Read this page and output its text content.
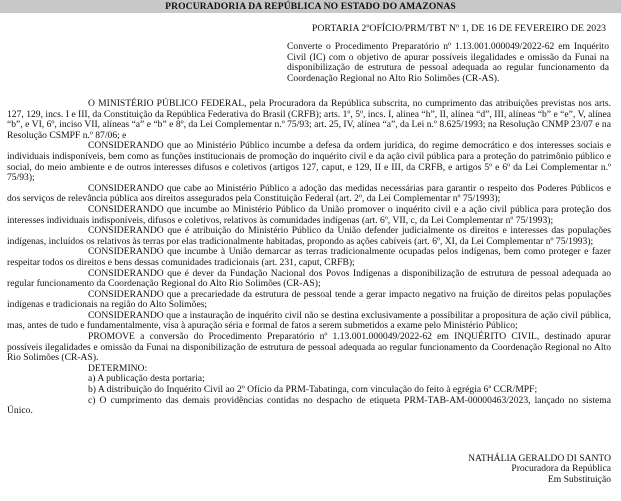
PROCURADORIA DA REPÚBLICA NO ESTADO DO AMAZONAS
PORTARIA 2ºOFÍCIO/PRM/TBT Nº 1, DE 16 DE FEVEREIRO DE 2023
Converte o Procedimento Preparatório nº 1.13.001.000049/2022-62 em Inquérito Civil (IC) com o objetivo de apurar possíveis ilegalidades e omissão da Funai na disponibilização de estrutura de pessoal adequada ao regular funcionamento da Coordenação Regional no Alto Rio Solimões (CR-AS).

O MINISTÉRIO PÚBLICO FEDERAL, pela Procuradora da República subscrita, no cumprimento das atribuições previstas nos arts. 127, 129, incs. I e III, da Constituição da República Federativa do Brasil (CRFB); arts. 1º, 5º, incs. I, alínea “h”, II, alínea “d”, III, alíneas “b” e “e”, V, alínea “b”, e VI, 6º, inciso VII, alíneas “a” e “b” e 8º, da Lei Complementar n.º 75/93; art. 25, IV, alínea “a”, da Lei n.º 8.625/1993; na Resolução CNMP 23/07 e na Resolução CSMPF n.º 87/06; e

CONSIDERANDO que ao Ministério Público incumbe a defesa da ordem jurídica, do regime democrático e dos interesses sociais e individuais indisponíveis, bem como as funções institucionais de promoção do inquérito civil e da ação civil pública para a proteção do patrimônio público e social, do meio ambiente e de outros interesses difusos e coletivos (artigos 127, caput, e 129, II e III, da CRFB, e artigos 5º e 6º da Lei Complementar n.º 75/93);

CONSIDERANDO que cabe ao Ministério Público a adoção das medidas necessárias para garantir o respeito dos Poderes Públicos e dos serviços de relevância pública aos direitos assegurados pela Constituição Federal (art. 2º, da Lei Complementar nº 75/1993);

CONSIDERANDO que incumbe ao Ministério Público da União promover o inquérito civil e a ação civil pública para proteção dos interesses individuais indisponíveis, difusos e coletivos, relativos às comunidades indígenas (art. 6º, VII, c, da Lei Complementar nº 75/1993);

CONSIDERANDO que é atribuição do Ministério Público da União defender judicialmente os direitos e interesses das populações indígenas, incluídos os relativos às terras por elas tradicionalmente habitadas, propondo as ações cabíveis (art. 6º, XI, da Lei Complementar nº 75/1993);

CONSIDERANDO que incumbe à União demarcar as terras tradicionalmente ocupadas pelos indígenas, bem como proteger e fazer respeitar todos os direitos e bens dessas comunidades tradicionais (art. 231, caput, CRFB);

CONSIDERANDO que é dever da Fundação Nacional dos Povos Indígenas a disponibilização de estrutura de pessoal adequada ao regular funcionamento da Coordenação Regional do Alto Rio Solimões (CR-AS);

CONSIDERANDO que a precariedade da estrutura de pessoal tende a gerar impacto negativo na fruição de direitos pelas populações indígenas e tradicionais na região do Alto Solimões;

CONSIDERANDO que a instauração de inquérito civil não se destina exclusivamente a possibilitar a propositura de ação civil pública, mas, antes de tudo e fundamentalmente, visa à apuração séria e formal de fatos a serem submetidos a exame pelo Ministério Público;

PROMOVE a conversão do Procedimento Preparatório nº 1.13.001.000049/2022-62 em INQUÉRITO CIVIL, destinado apurar possíveis ilegalidades e omissão da Funai na disponibilização de estrutura de pessoal adequada ao regular funcionamento da Coordenação Regional no Alto Rio Solimões (CR-AS).

DETERMINO:

a) A publicação desta portaria;

b) A distribuição do Inquérito Civil ao 2º Ofício da PRM-Tabatinga, com vinculação do feito à egrégia 6ª CCR/MPF;

c) O cumprimento das demais providências contidas no despacho de etiqueta PRM-TAB-AM-00000463/2023, lançado no sistema Único.

NATHÁLIA GERALDO DI SANTO
Procuradora da República
Em Substituição
